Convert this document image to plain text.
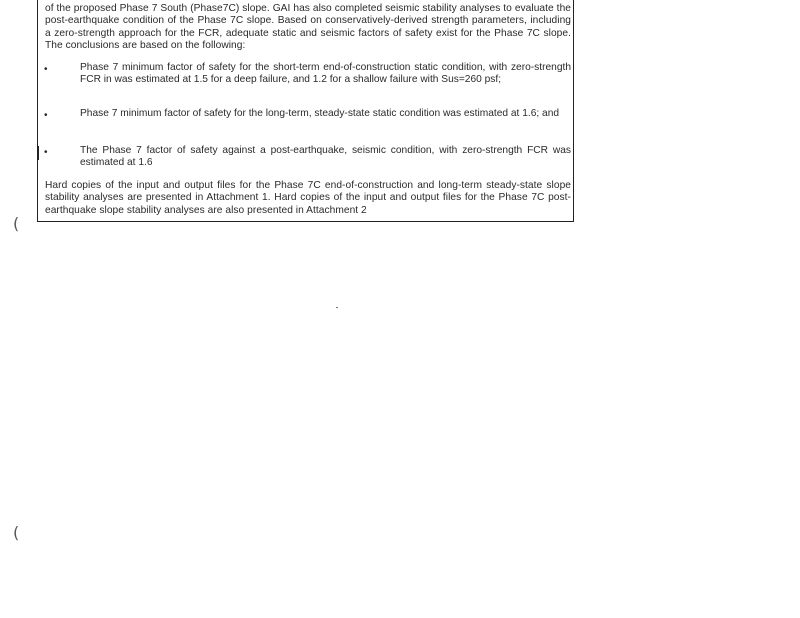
of the proposed Phase 7 South (Phase7C) slope. GAI has also completed seismic stability analyses to evaluate the post-earthquake condition of the Phase 7C slope. Based on conservatively-derived strength parameters, including a zero-strength approach for the FCR, adequate static and seismic factors of safety exist for the Phase 7C slope. The conclusions are based on the following:

•	Phase 7 minimum factor of safety for the short-term end-of-construction static condition, with zero-strength FCR in was estimated at 1.5 for a deep failure, and 1.2 for a shallow failure with Sus=260 psf;

•	Phase 7 minimum factor of safety for the long-term, steady-state static condition was estimated at 1.6; and

•	The Phase 7 factor of safety against a post-earthquake, seismic condition, with zero-strength FCR was estimated at 1.6

Hard copies of the input and output files for the Phase 7C end-of-construction and long-term steady-state slope stability analyses are presented in Attachment 1. Hard copies of the input and output files for the Phase 7C post-earthquake slope stability analyses are also presented in Attachment 2

(
(
